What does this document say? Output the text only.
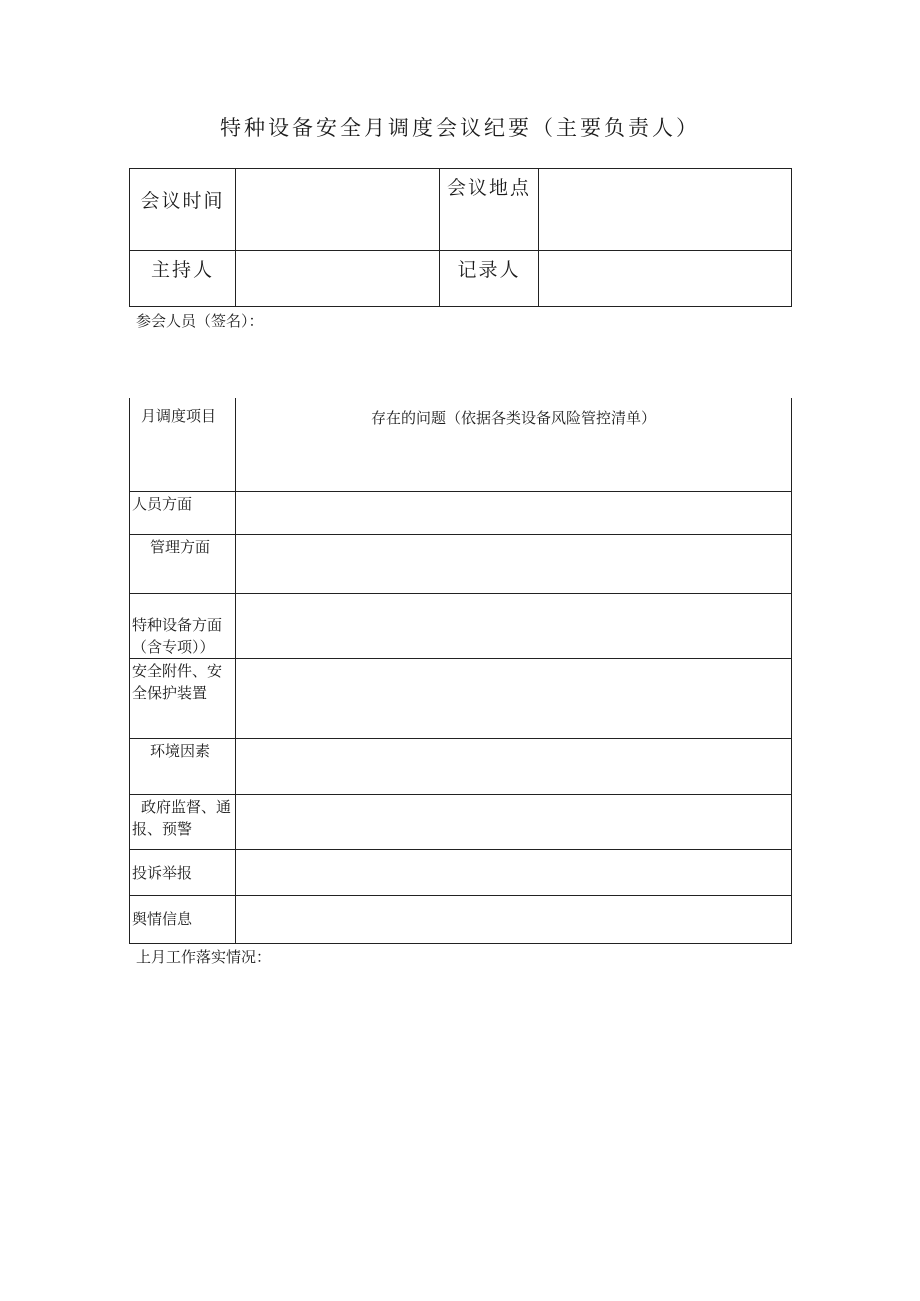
特种设备安全月调度会议纪要（主要负责人）
会议时间		会议地点	

主持人		记录人	

参会人员（签名）：
月调度项目	存在的问题（依据各类设备风险管控清单）

人员方面	

管理方面	

特种设备方面（含专项））	

安全附件、安全保护装置	

环境因素	

政府监督、通报、预警	

投诉举报	

舆情信息	

上月工作落实情况：
